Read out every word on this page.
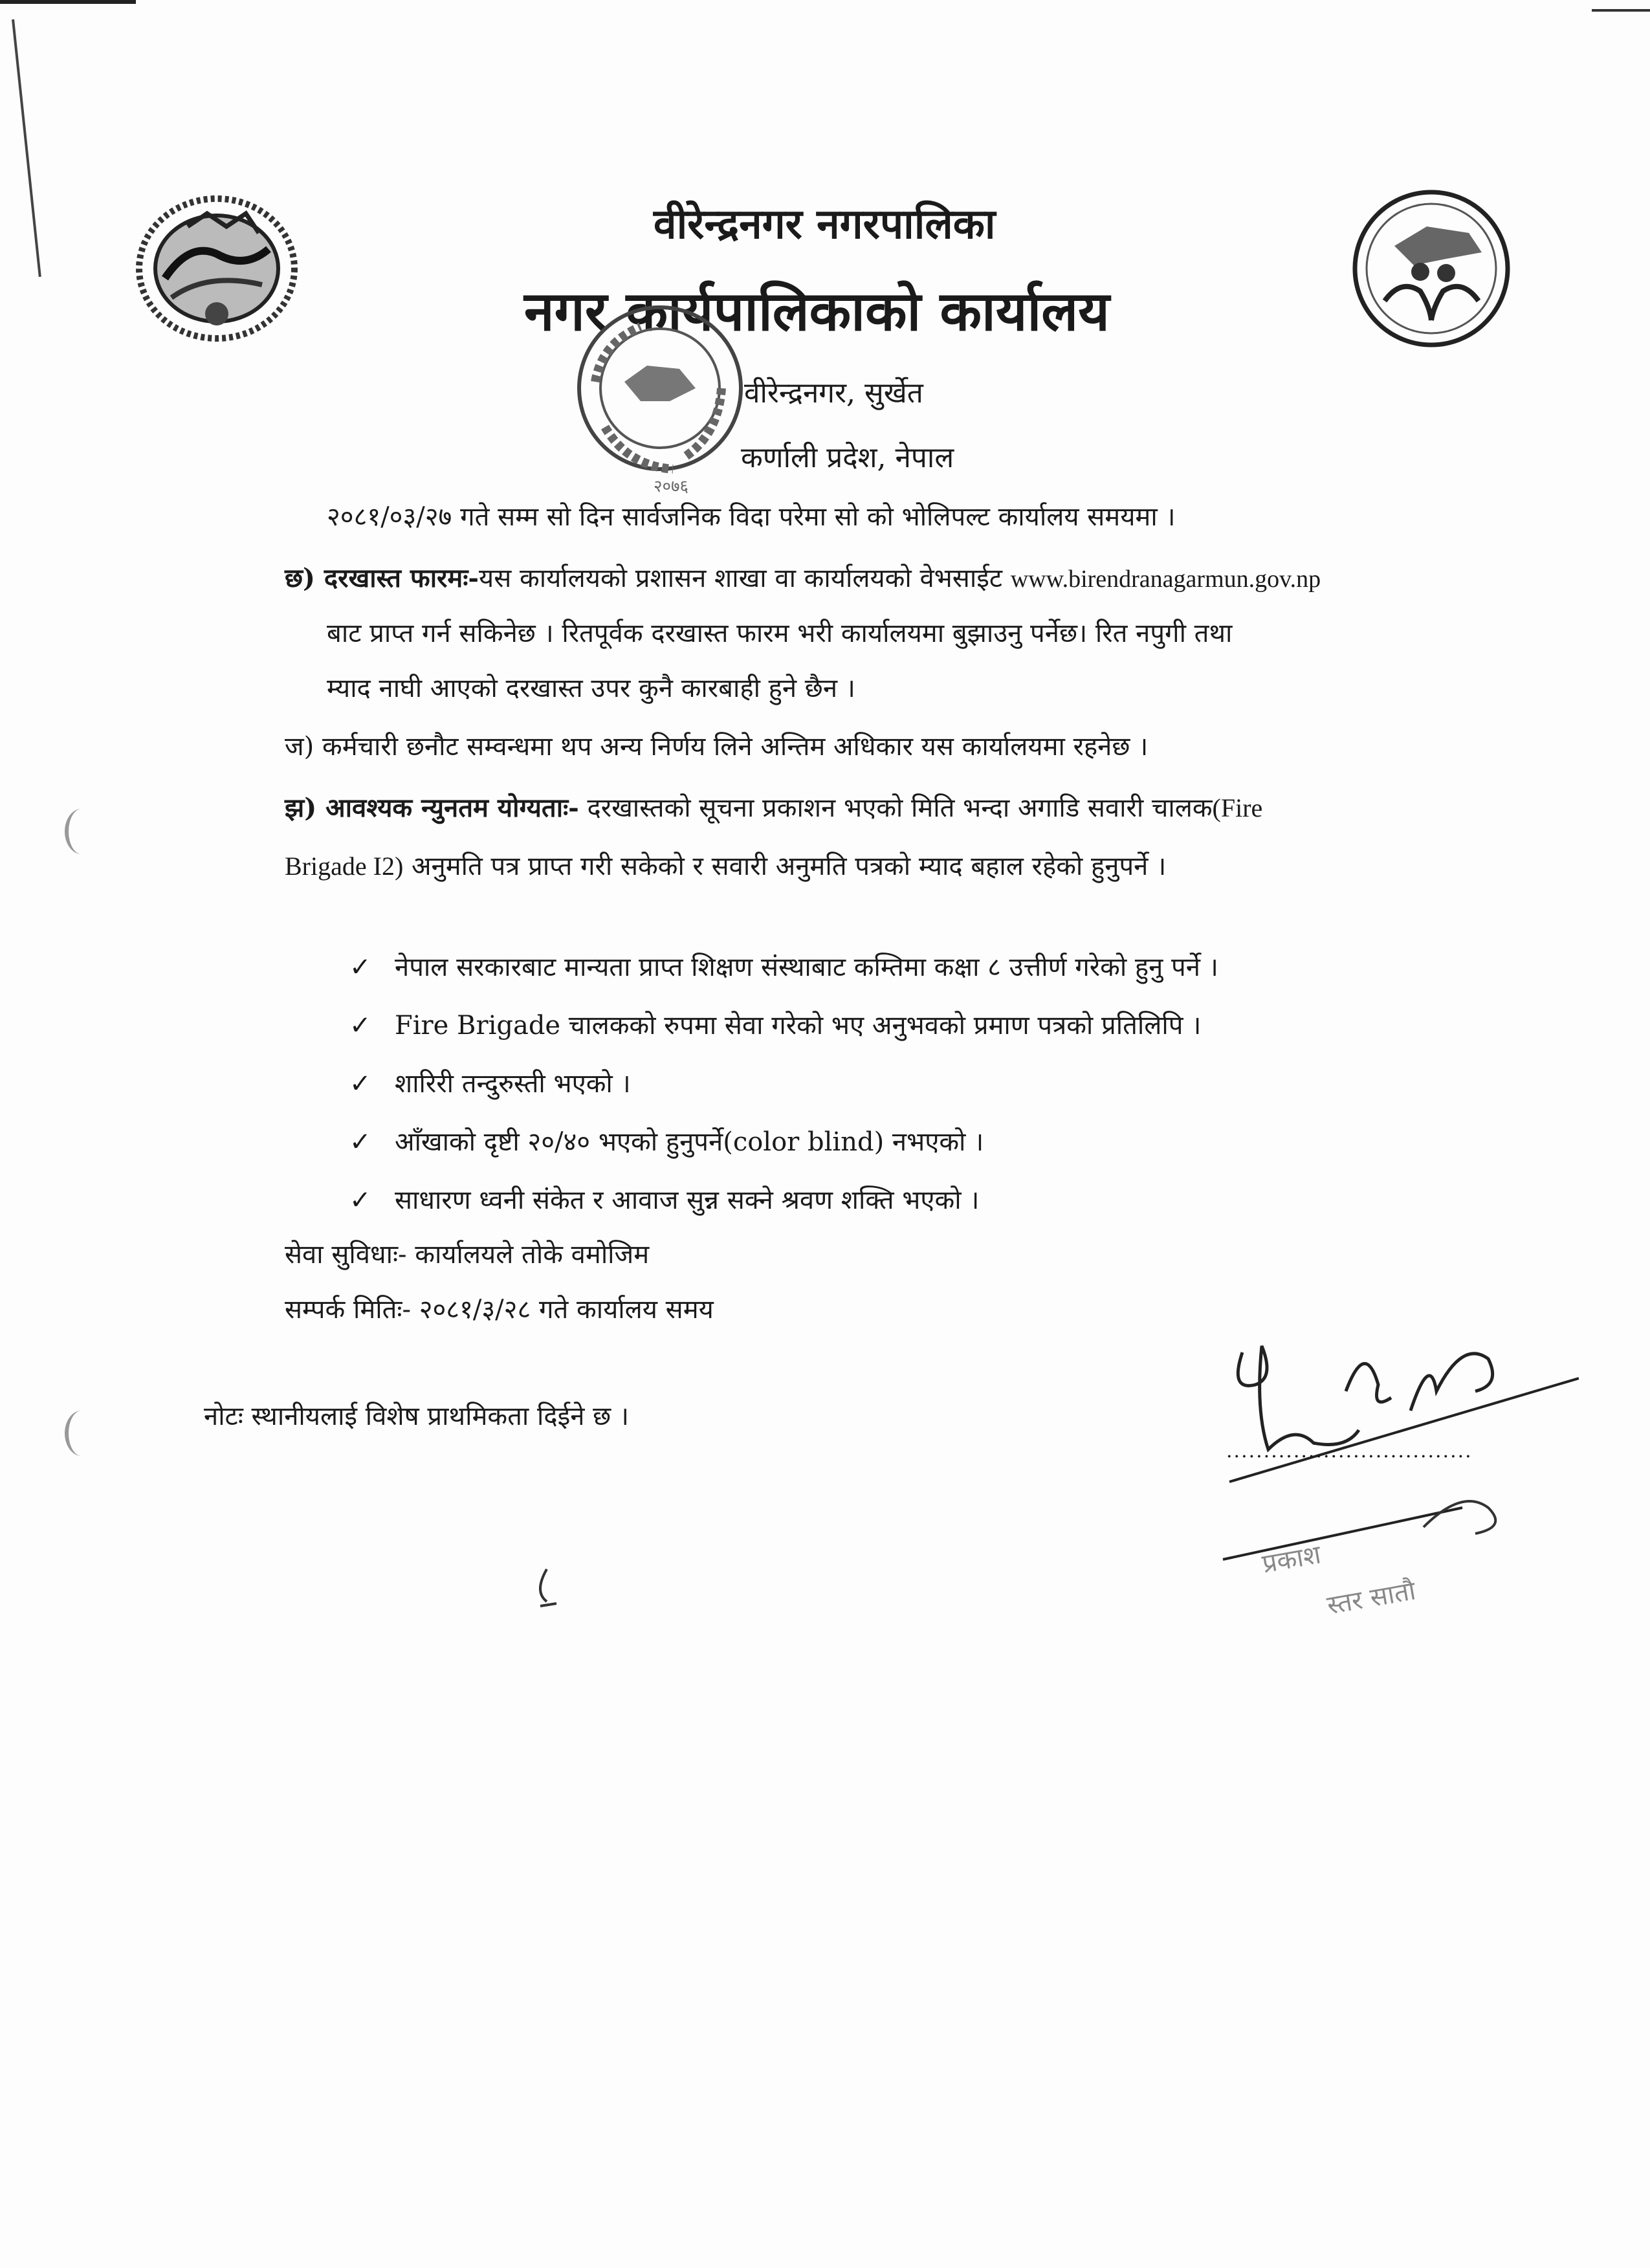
वीरेन्द्रनगर नगरपालिका
नगर कार्यपालिकाको कार्यालय
२०७६
वीरेन्द्रनगर, सुर्खेत
कर्णाली प्रदेश, नेपाल
२०८१/०३/२७ गते सम्म सो दिन सार्वजनिक विदा परेमा सो को भोलिपल्ट कार्यालय समयमा ।
छ) दरखास्त फारमः-यस कार्यालयको प्रशासन शाखा वा कार्यालयको वेभसाईट www.birendranagarmun.gov.np
बाट प्राप्त गर्न सकिनेछ । रितपूर्वक दरखास्त फारम भरी कार्यालयमा बुझाउनु पर्नेछ। रित नपुगी तथा
म्याद नाघी आएको दरखास्त उपर कुनै कारबाही हुने छैन ।
ज) कर्मचारी छनौट सम्वन्धमा थप अन्य निर्णय लिने अन्तिम अधिकार यस कार्यालयमा रहनेछ ।
झ) आवश्यक न्युनतम योग्यताः- दरखास्तको सूचना प्रकाशन भएको मिति भन्दा अगाडि सवारी चालक(Fire
Brigade I2) अनुमति पत्र प्राप्त गरी सकेको र सवारी अनुमति पत्रको म्याद बहाल रहेको हुनुपर्ने ।
✓ नेपाल सरकारबाट मान्यता प्राप्त शिक्षण संस्थाबाट कम्तिमा कक्षा ८ उत्तीर्ण गरेको हुनु पर्ने ।
✓ Fire Brigade चालकको रुपमा सेवा गरेको भए अनुभवको प्रमाण पत्रको प्रतिलिपि ।
✓ शारिरी तन्दुरुस्ती भएको ।
✓ आँखाको दृष्टी २०/४० भएको हुनुपर्ने(color blind) नभएको ।
✓ साधारण ध्वनी संकेत र आवाज सुन्न सक्ने श्रवण शक्ति भएको ।
सेवा सुविधाः- कार्यालयले तोके वमोजिम
सम्पर्क मितिः- २०८१/३/२८ गते कार्यालय समय
नोटः स्थानीयलाई विशेष प्राथमिकता दिईने छ ।
.................................
प्रकाश
स्तर सातौ
